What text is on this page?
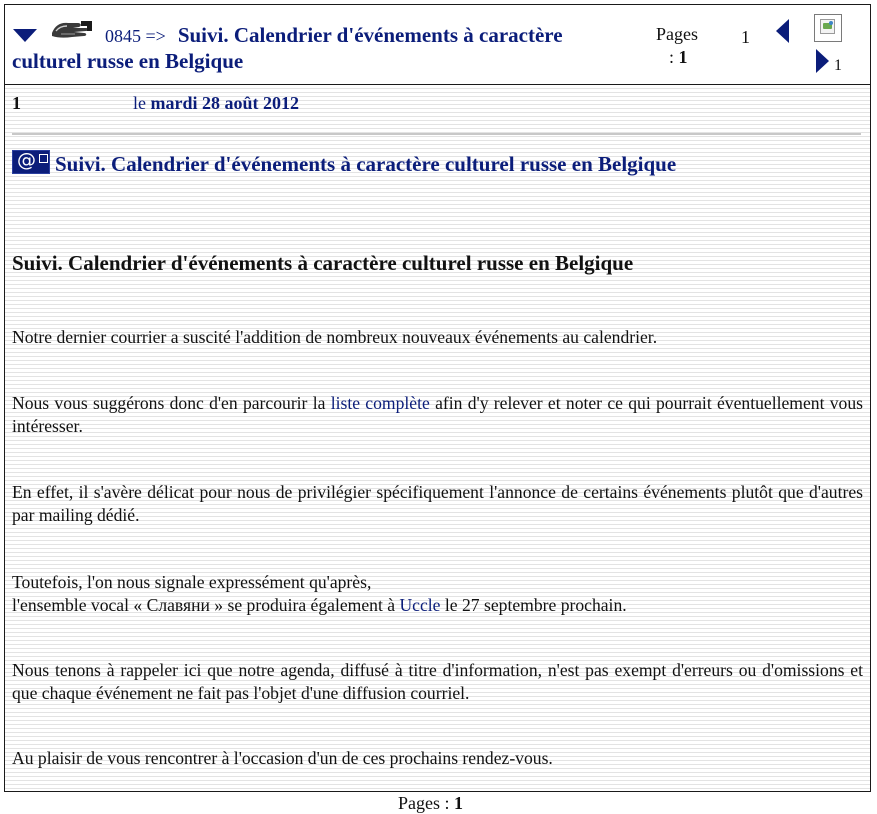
0845 => Suivi. Calendrier d'événements à caractère
culturel russe en Belgique
Pages
: 1
1
1
1	le mardi 28 août 2012
@ Suivi. Calendrier d'événements à caractère culturel russe en Belgique
Suivi. Calendrier d'événements à caractère culturel russe en Belgique

Notre dernier courrier a suscité l'addition de nombreux nouveaux événements au calendrier.

Nous vous suggérons donc d'en parcourir la liste complète afin d'y relever et noter ce qui pourrait éventuellement vous intéresser.

En effet, il s'avère délicat pour nous de privilégier spécifiquement l'annonce de certains événements plutôt que d'autres par mailing dédié.

Toutefois, l'on nous signale expressément qu'après,
l'ensemble vocal « Славяни » se produira également à Uccle le 27 septembre prochain.

Nous tenons à rappeler ici que notre agenda, diffusé à titre d'information, n'est pas exempt d'erreurs ou d'omissions et que chaque événement ne fait pas l'objet d'une diffusion courriel.

Au plaisir de vous rencontrer à l'occasion d'un de ces prochains rendez-vous.

Pages : 1
